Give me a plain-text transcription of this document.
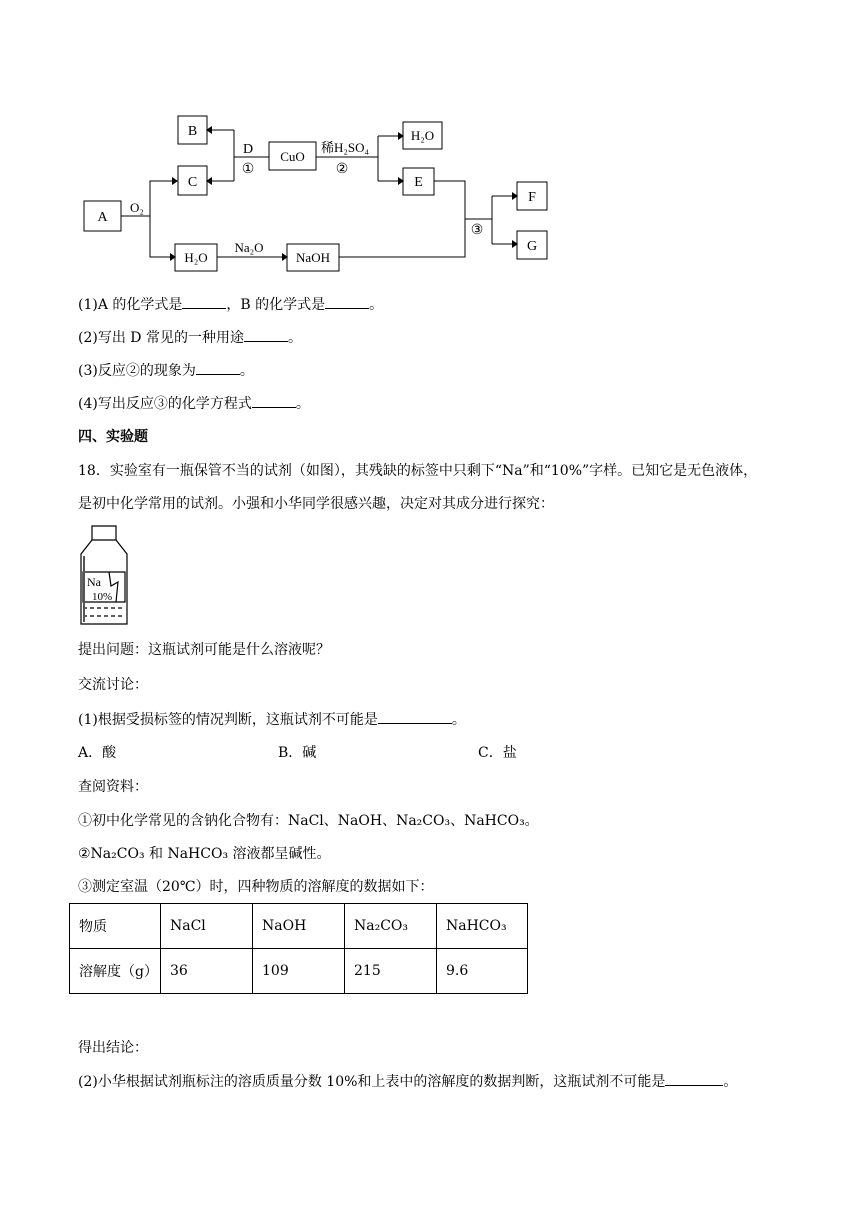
A
B
C
CuO
H₂O
E
F
G
H₂O	NaOH
O₂
D
①
稀H₂SO₄
②
Na₂O
③
(1)A 的化学式是	，B 的化学式是	。
(2)写出 D 常见的一种用途	。
(3)反应②的现象为	。
(4)写出反应③的化学方程式	。
四、实验题
18．实验室有一瓶保管不当的试剂（如图），其残缺的标签中只剩下“Na”和“10%”字样。已知它是无色液体，
是初中化学常用的试剂。小强和小华同学很感兴趣，决定对其成分进行探究：
Na
10%
提出问题：这瓶试剂可能是什么溶液呢？
交流讨论：
(1)根据受损标签的情况判断，这瓶试剂不可能是	。
A．酸	B．碱	C．盐
查阅资料：
①初中化学常见的含钠化合物有：NaCl、NaOH、Na₂CO₃、NaHCO₃。
②Na₂CO₃ 和 NaHCO₃ 溶液都呈碱性。
③测定室温（20℃）时，四种物质的溶解度的数据如下：
物质	NaCl	NaOH	Na₂CO₃	NaHCO₃
溶解度（g）	36	109	215	9.6
得出结论：
(2)小华根据试剂瓶标注的溶质质量分数 10%和上表中的溶解度的数据判断，这瓶试剂不可能是	。
